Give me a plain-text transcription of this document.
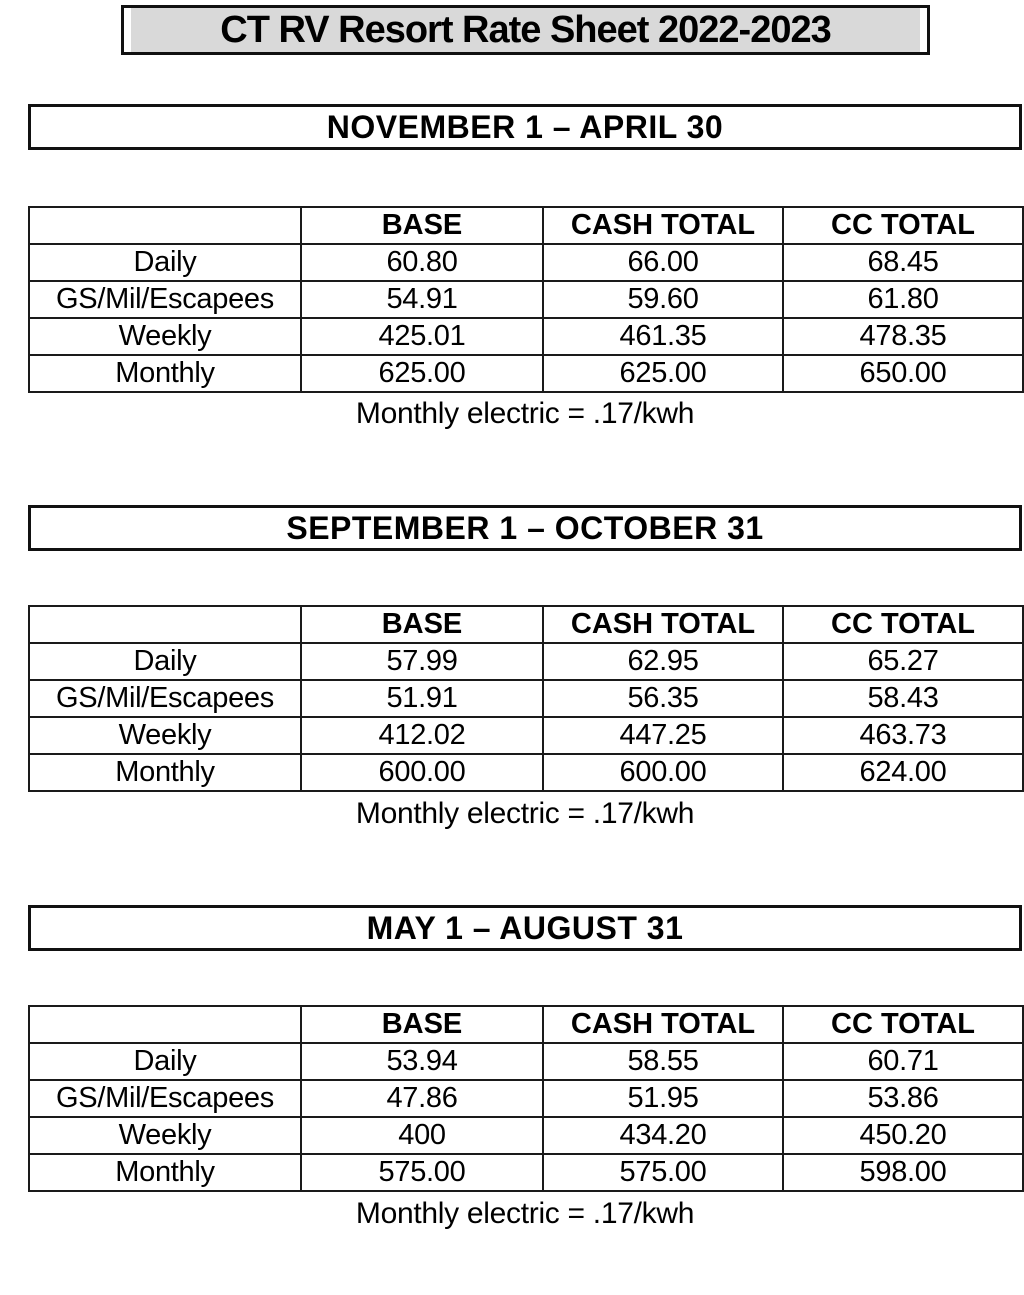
CT RV Resort Rate Sheet 2022-2023
NOVEMBER 1 – APRIL 30
	BASE	CASH TOTAL	CC TOTAL
Daily	60.80	66.00	68.45
GS/Mil/Escapees	54.91	59.60	61.80
Weekly	425.01	461.35	478.35
Monthly	625.00	625.00	650.00
Monthly electric = .17/kwh
SEPTEMBER 1 – OCTOBER 31
	BASE	CASH TOTAL	CC TOTAL
Daily	57.99	62.95	65.27
GS/Mil/Escapees	51.91	56.35	58.43
Weekly	412.02	447.25	463.73
Monthly	600.00	600.00	624.00
Monthly electric = .17/kwh
MAY 1 – AUGUST 31
	BASE	CASH TOTAL	CC TOTAL
Daily	53.94	58.55	60.71
GS/Mil/Escapees	47.86	51.95	53.86
Weekly	400	434.20	450.20
Monthly	575.00	575.00	598.00
Monthly electric = .17/kwh
